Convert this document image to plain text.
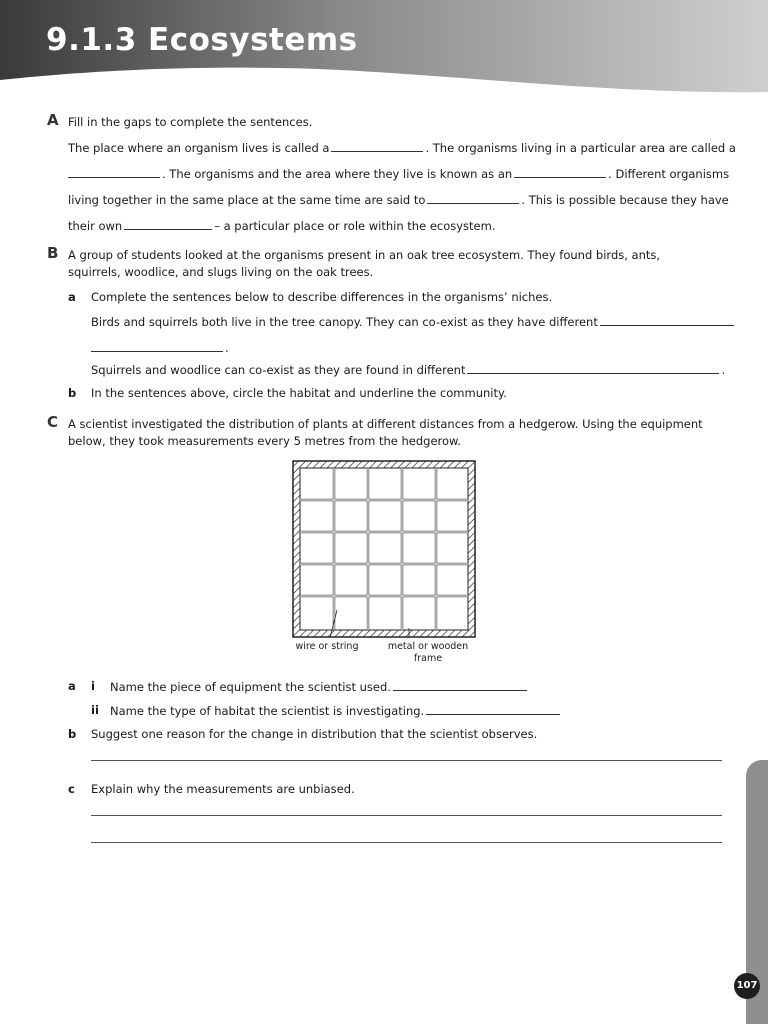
9.1.3 Ecosystems
A Fill in the gaps to complete the sentences.
The place where an organism lives is called a	. The organisms living in a particular area are called a
. The organisms and the area where they live is known as an	. Different organisms
living together in the same place at the same time are said to	. This is possible because they have
their own	– a particular place or role within the ecosystem.
B A group of students looked at the organisms present in an oak tree ecosystem. They found birds, ants, squirrels, woodlice, and slugs living on the oak trees.
a Complete the sentences below to describe differences in the organisms’ niches.
Birds and squirrels both live in the tree canopy. They can co-exist as they have different
.
Squirrels and woodlice can co-exist as they are found in different	.
b In the sentences above, circle the habitat and underline the community.
C A scientist investigated the distribution of plants at different distances from a hedgerow. Using the equipment below, they took measurements every 5 metres from the hedgerow.
wire or string	metal or wooden
frame
a i Name the piece of equipment the scientist used.
ii Name the type of habitat the scientist is investigating.
b Suggest one reason for the change in distribution that the scientist observes.
c Explain why the measurements are unbiased.
107
